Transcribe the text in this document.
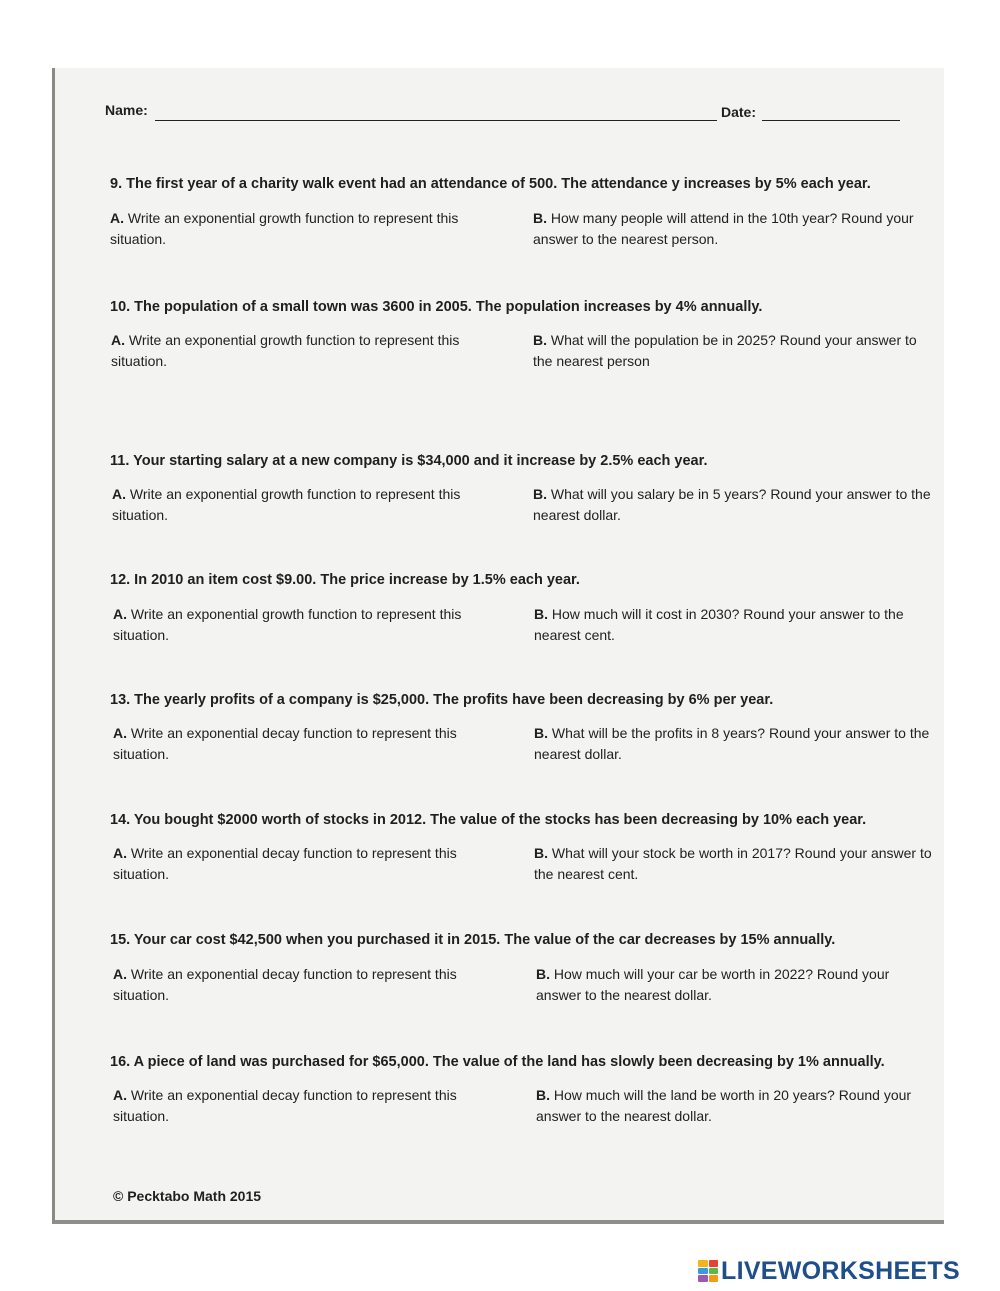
Name:	Date:
9. The first year of a charity walk event had an attendance of 500. The attendance y increases by 5% each year.
A. Write an exponential growth function to represent this situation.
B. How many people will attend in the 10th year? Round your answer to the nearest person.
10. The population of a small town was 3600 in 2005. The population increases by 4% annually.
A. Write an exponential growth function to represent this situation.
B. What will the population be in 2025? Round your answer to the nearest person
11. Your starting salary at a new company is $34,000 and it increase by 2.5% each year.
A. Write an exponential growth function to represent this situation.
B. What will you salary be in 5 years? Round your answer to the nearest dollar.
12. In 2010 an item cost $9.00. The price increase by 1.5% each year.
A. Write an exponential growth function to represent this situation.
B. How much will it cost in 2030? Round your answer to the nearest cent.
13. The yearly profits of a company is $25,000. The profits have been decreasing by 6% per year.
A. Write an exponential decay function to represent this situation.
B. What will be the profits in 8 years? Round your answer to the nearest dollar.
14. You bought $2000 worth of stocks in 2012. The value of the stocks has been decreasing by 10% each year.
A. Write an exponential decay function to represent this situation.
B. What will your stock be worth in 2017? Round your answer to the nearest cent.
15. Your car cost $42,500 when you purchased it in 2015. The value of the car decreases by 15% annually.
A. Write an exponential decay function to represent this situation.
B. How much will your car be worth in 2022? Round your answer to the nearest dollar.
16. A piece of land was purchased for $65,000. The value of the land has slowly been decreasing by 1% annually.
A. Write an exponential decay function to represent this situation.
B. How much will the land be worth in 20 years? Round your answer to the nearest dollar.
© Pecktabo Math 2015
LIVEWORKSHEETS
